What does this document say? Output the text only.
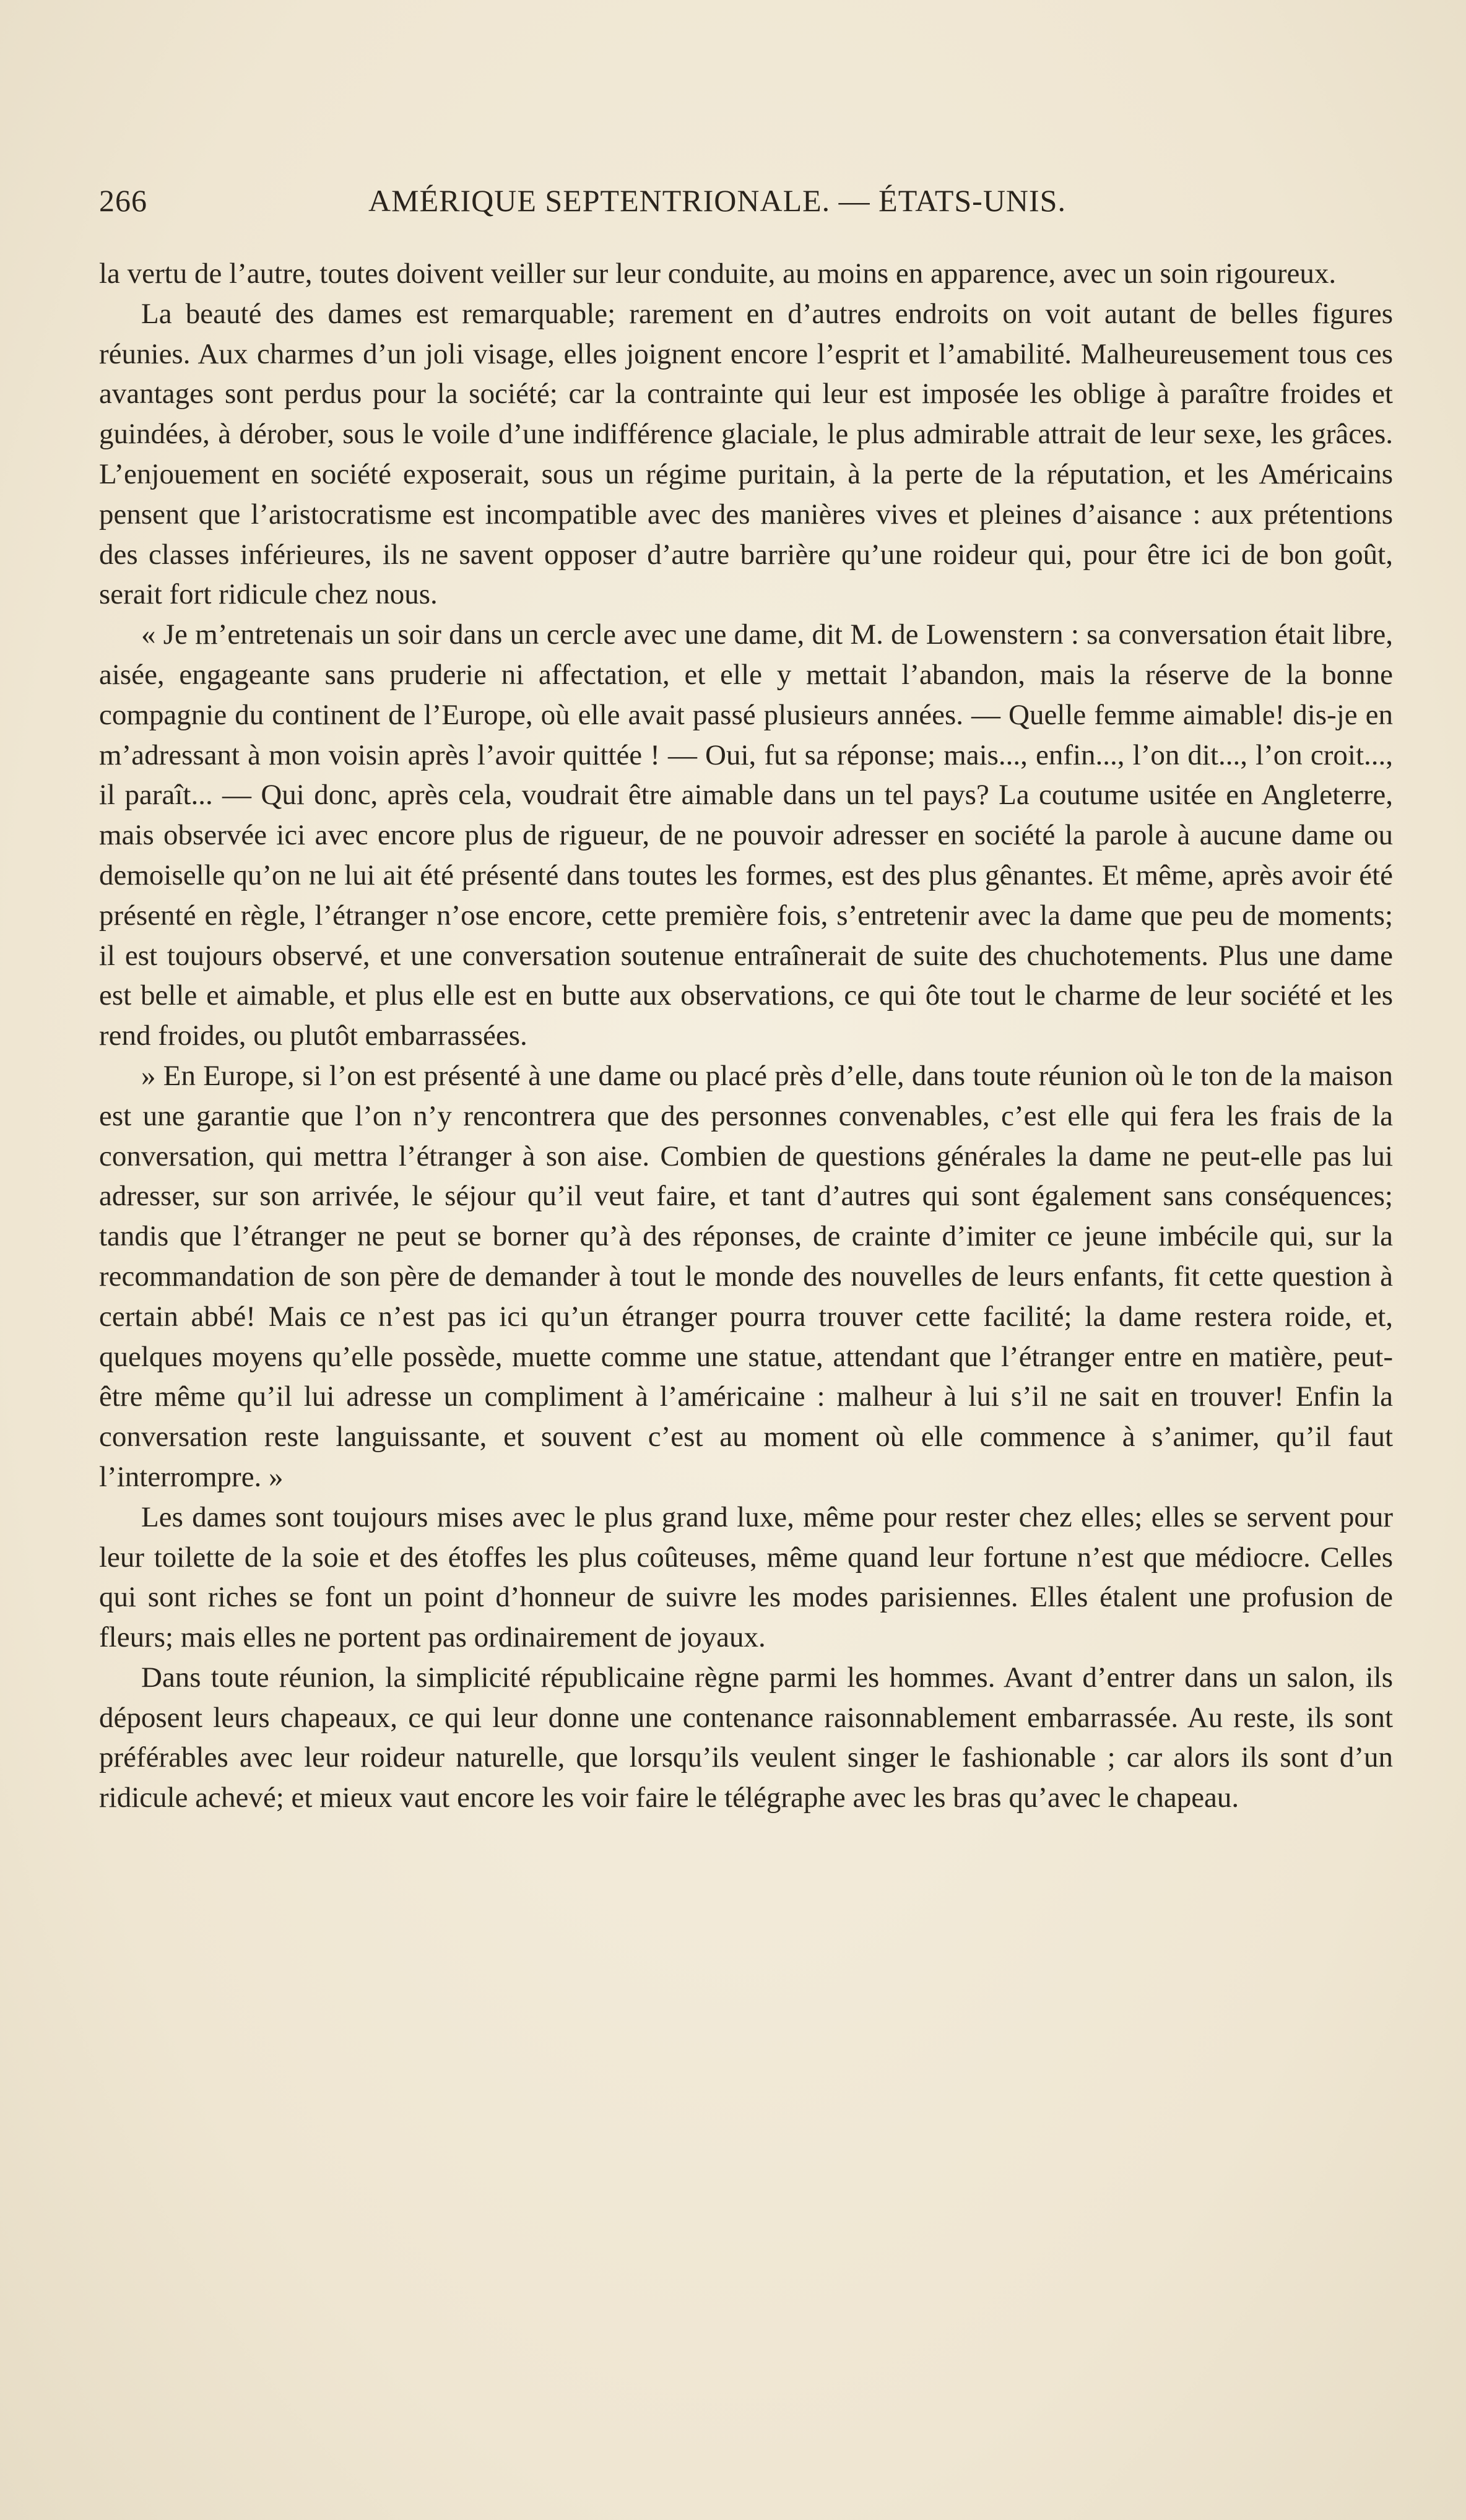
266	AMÉRIQUE SEPTENTRIONALE. — ÉTATS-UNIS.

la vertu de l’autre, toutes doivent veiller sur leur conduite, au moins en apparence, avec un soin rigoureux.

La beauté des dames est remarquable; rarement en d’autres endroits on voit autant de belles figures réunies. Aux charmes d’un joli visage, elles joignent encore l’esprit et l’amabilité. Malheureusement tous ces avantages sont perdus pour la société; car la contrainte qui leur est imposée les oblige à paraître froides et guindées, à dérober, sous le voile d’une indifférence glaciale, le plus admirable attrait de leur sexe, les grâces. L’enjouement en société exposerait, sous un régime puritain, à la perte de la réputation, et les Américains pensent que l’aristocratisme est incompatible avec des manières vives et pleines d’aisance : aux prétentions des classes inférieures, ils ne savent opposer d’autre barrière qu’une roideur qui, pour être ici de bon goût, serait fort ridicule chez nous.

« Je m’entretenais un soir dans un cercle avec une dame, dit M. de Lowenstern : sa conversation était libre, aisée, engageante sans pruderie ni affectation, et elle y mettait l’abandon, mais la réserve de la bonne compagnie du continent de l’Europe, où elle avait passé plusieurs années. — Quelle femme aimable! dis-je en m’adressant à mon voisin après l’avoir quittée ! — Oui, fut sa réponse; mais..., enfin..., l’on dit..., l’on croit..., il paraît... — Qui donc, après cela, voudrait être aimable dans un tel pays? La coutume usitée en Angleterre, mais observée ici avec encore plus de rigueur, de ne pouvoir adresser en société la parole à aucune dame ou demoiselle qu’on ne lui ait été présenté dans toutes les formes, est des plus gênantes. Et même, après avoir été présenté en règle, l’étranger n’ose encore, cette première fois, s’entretenir avec la dame que peu de moments; il est toujours observé, et une conversation soutenue entraînerait de suite des chuchotements. Plus une dame est belle et aimable, et plus elle est en butte aux observations, ce qui ôte tout le charme de leur société et les rend froides, ou plutôt embarrassées.

» En Europe, si l’on est présenté à une dame ou placé près d’elle, dans toute réunion où le ton de la maison est une garantie que l’on n’y rencontrera que des personnes convenables, c’est elle qui fera les frais de la conversation, qui mettra l’étranger à son aise. Combien de questions générales la dame ne peut-elle pas lui adresser, sur son arrivée, le séjour qu’il veut faire, et tant d’autres qui sont également sans conséquences; tandis que l’étranger ne peut se borner qu’à des réponses, de crainte d’imiter ce jeune imbécile qui, sur la recommandation de son père de demander à tout le monde des nouvelles de leurs enfants, fit cette question à certain abbé! Mais ce n’est pas ici qu’un étranger pourra trouver cette facilité; la dame restera roide, et, quelques moyens qu’elle possède, muette comme une statue, attendant que l’étranger entre en matière, peut-être même qu’il lui adresse un compliment à l’américaine : malheur à lui s’il ne sait en trouver! Enfin la conversation reste languissante, et souvent c’est au moment où elle commence à s’animer, qu’il faut l’interrompre. »

Les dames sont toujours mises avec le plus grand luxe, même pour rester chez elles; elles se servent pour leur toilette de la soie et des étoffes les plus coûteuses, même quand leur fortune n’est que médiocre. Celles qui sont riches se font un point d’honneur de suivre les modes parisiennes. Elles étalent une profusion de fleurs; mais elles ne portent pas ordinairement de joyaux.

Dans toute réunion, la simplicité républicaine règne parmi les hommes. Avant d’entrer dans un salon, ils déposent leurs chapeaux, ce qui leur donne une contenance raisonnablement embarrassée. Au reste, ils sont préférables avec leur roideur naturelle, que lorsqu’ils veulent singer le fashionable ; car alors ils sont d’un ridicule achevé; et mieux vaut encore les voir faire le télégraphe avec les bras qu’avec le chapeau.
